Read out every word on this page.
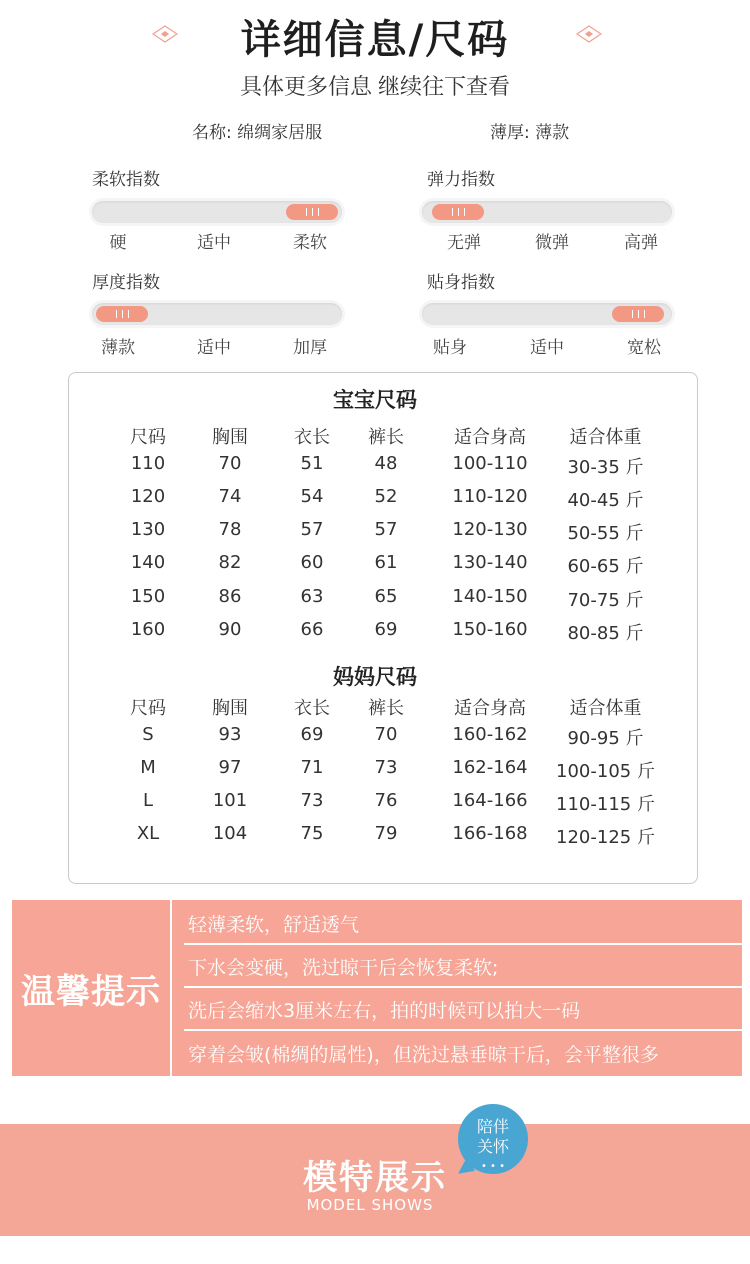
详细信息/尺码
具体更多信息 继续往下查看
名称: 绵绸家居服	薄厚: 薄款
柔软指数
硬	适中	柔软
弹力指数
无弹	微弹	高弹
厚度指数
薄款	适中	加厚
贴身指数
贴身	适中	宽松
宝宝尺码
尺码	胸围	衣长	裤长	适合身高	适合体重
110	70	51	48	100-110	30-35 斤
120	74	54	52	110-120	40-45 斤
130	78	57	57	120-130	50-55 斤
140	82	60	61	130-140	60-65 斤
150	86	63	65	140-150	70-75 斤
160	90	66	69	150-160	80-85 斤
妈妈尺码
尺码	胸围	衣长	裤长	适合身高	适合体重
S	93	69	70	160-162	90-95 斤
M	97	71	73	162-164	100-105 斤
L	101	73	76	164-166	110-115 斤
XL	104	75	79	166-168	120-125 斤
温馨提示
轻薄柔软，舒适透气
下水会变硬，洗过晾干后会恢复柔软;
洗后会缩水3厘米左右，拍的时候可以拍大一码
穿着会皱(棉绸的属性)，但洗过悬垂晾干后，会平整很多
模特展示
MODEL SHOWS
陪伴
关怀
• • •
